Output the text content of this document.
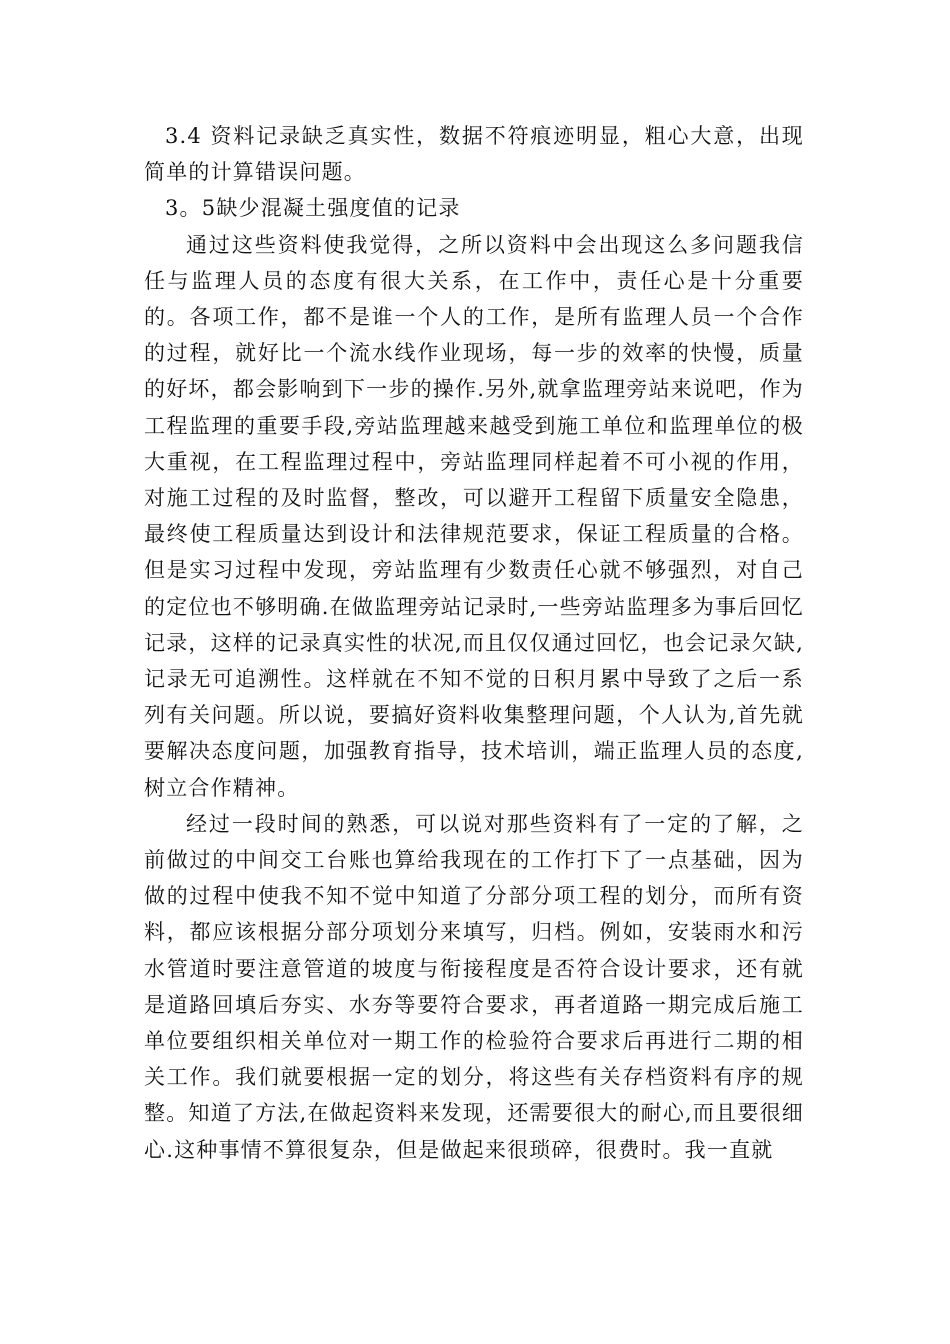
3.4 资料记录缺乏真实性，数据不符痕迹明显，粗心大意，出现简单的计算错误问题。

3。5缺少混凝土强度值的记录

通过这些资料使我觉得，之所以资料中会出现这么多问题我信任与监理人员的态度有很大关系，在工作中，责任心是十分重要的。各项工作，都不是谁一个人的工作，是所有监理人员一个合作的过程，就好比一个流水线作业现场，每一步的效率的快慢，质量的好坏，都会影响到下一步的操作.另外,就拿监理旁站来说吧，作为工程监理的重要手段,旁站监理越来越受到施工单位和监理单位的极大重视，在工程监理过程中，旁站监理同样起着不可小视的作用，对施工过程的及时监督，整改，可以避开工程留下质量安全隐患，最终使工程质量达到设计和法律规范要求，保证工程质量的合格。但是实习过程中发现，旁站监理有少数责任心就不够强烈，对自己的定位也不够明确.在做监理旁站记录时,一些旁站监理多为事后回忆记录，这样的记录真实性的状况,而且仅仅通过回忆，也会记录欠缺,记录无可追溯性。这样就在不知不觉的日积月累中导致了之后一系列有关问题。所以说，要搞好资料收集整理问题，个人认为,首先就要解决态度问题，加强教育指导，技术培训，端正监理人员的态度,树立合作精神。

经过一段时间的熟悉，可以说对那些资料有了一定的了解，之前做过的中间交工台账也算给我现在的工作打下了一点基础，因为做的过程中使我不知不觉中知道了分部分项工程的划分，而所有资料，都应该根据分部分项划分来填写，归档。例如，安装雨水和污水管道时要注意管道的坡度与衔接程度是否符合设计要求，还有就是道路回填后夯实、水夯等要符合要求，再者道路一期完成后施工单位要组织相关单位对一期工作的检验符合要求后再进行二期的相关工作。我们就要根据一定的划分，将这些有关存档资料有序的规整。知道了方法,在做起资料来发现，还需要很大的耐心,而且要很细心.这种事情不算很复杂，但是做起来很琐碎，很费时。我一直就
